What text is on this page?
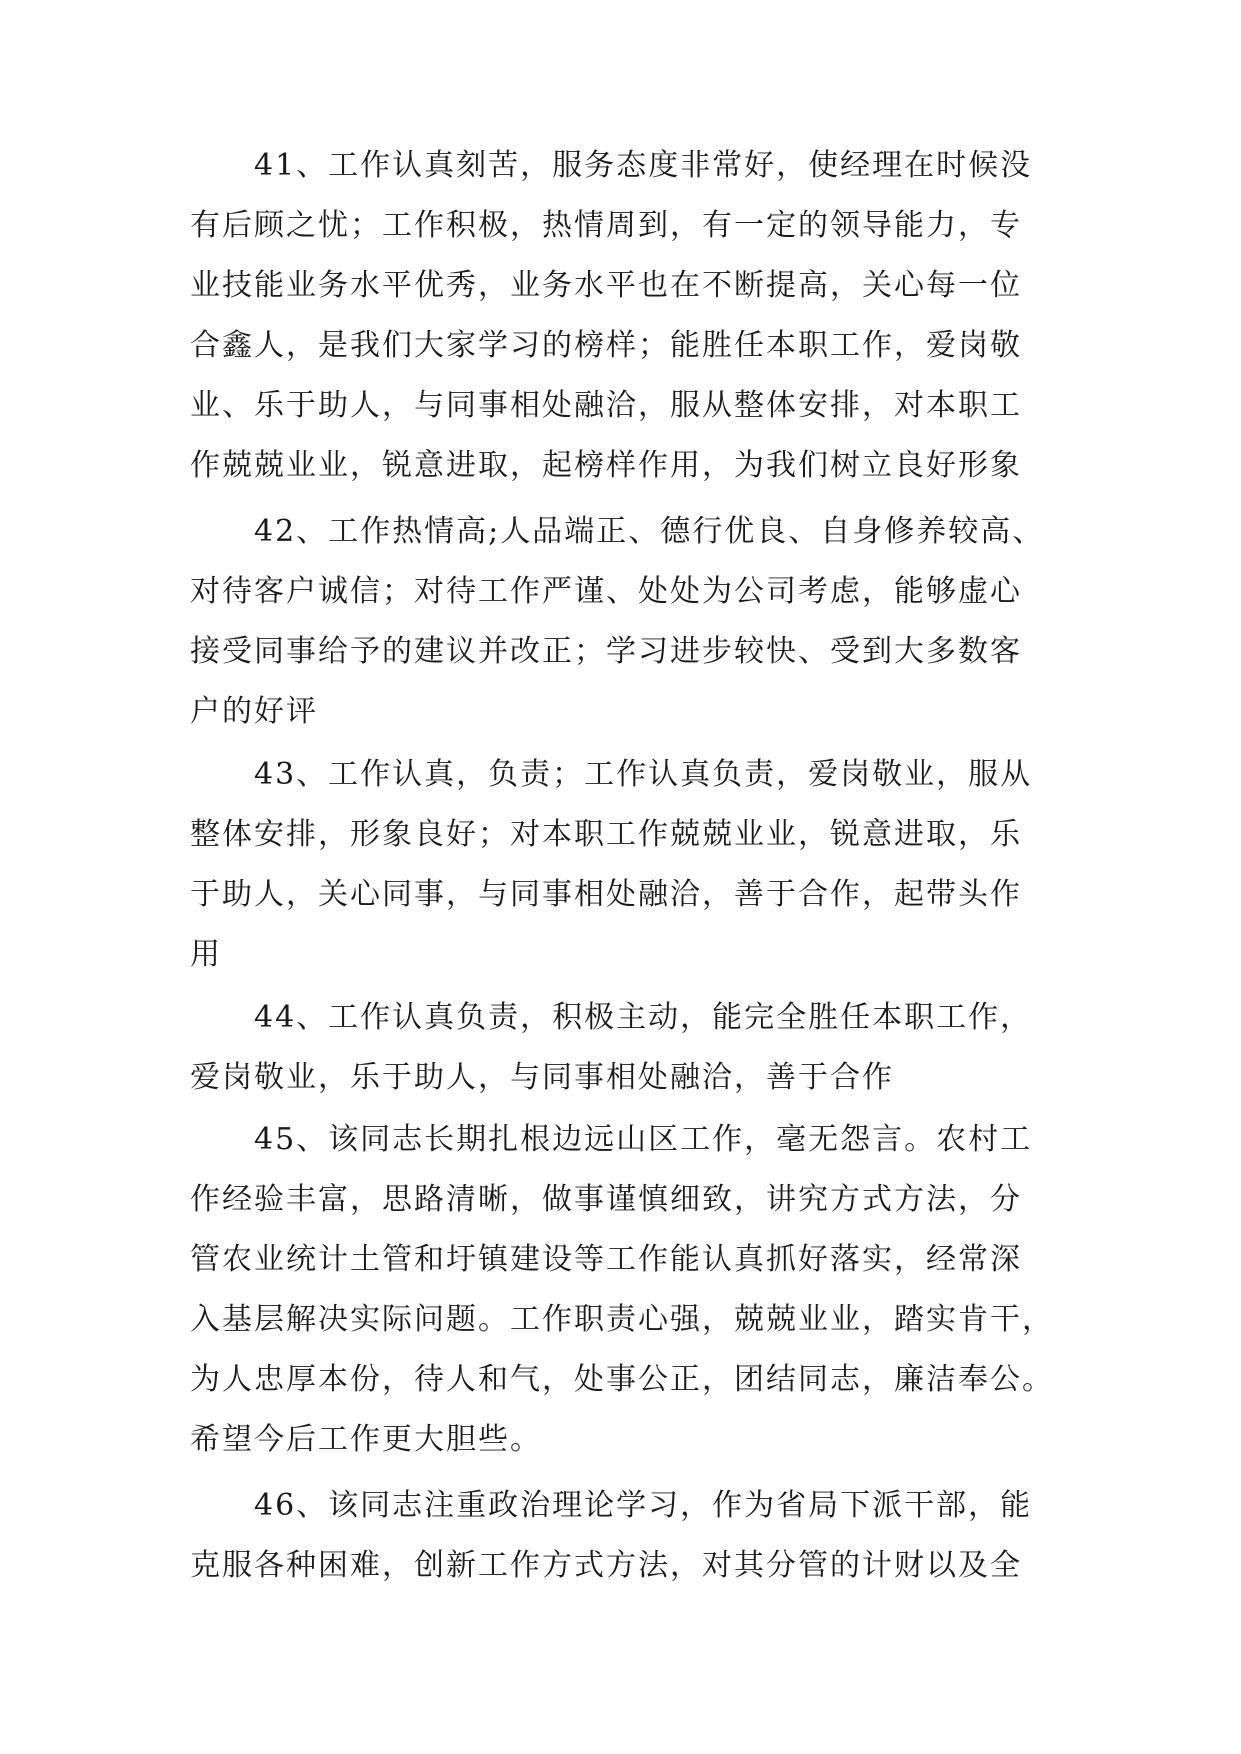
41、工作认真刻苦，服务态度非常好，使经理在时候没
有后顾之忧；工作积极，热情周到，有一定的领导能力，专
业技能业务水平优秀，业务水平也在不断提高，关心每一位
合鑫人，是我们大家学习的榜样；能胜任本职工作，爱岗敬
业、乐于助人，与同事相处融洽，服从整体安排，对本职工
作兢兢业业，锐意进取，起榜样作用，为我们树立良好形象
42、工作热情高;人品端正、德行优良、自身修养较高、
对待客户诚信；对待工作严谨、处处为公司考虑，能够虚心
接受同事给予的建议并改正；学习进步较快、受到大多数客
户的好评
43、工作认真，负责；工作认真负责，爱岗敬业，服从
整体安排，形象良好；对本职工作兢兢业业，锐意进取，乐
于助人，关心同事，与同事相处融洽，善于合作，起带头作
用
44、工作认真负责，积极主动，能完全胜任本职工作，
爱岗敬业，乐于助人，与同事相处融洽，善于合作
45、该同志长期扎根边远山区工作，毫无怨言。农村工
作经验丰富，思路清晰，做事谨慎细致，讲究方式方法，分
管农业统计土管和圩镇建设等工作能认真抓好落实，经常深
入基层解决实际问题。工作职责心强，兢兢业业，踏实肯干，
为人忠厚本份，待人和气，处事公正，团结同志，廉洁奉公。
希望今后工作更大胆些。
46、该同志注重政治理论学习，作为省局下派干部，能
克服各种困难，创新工作方式方法，对其分管的计财以及全
